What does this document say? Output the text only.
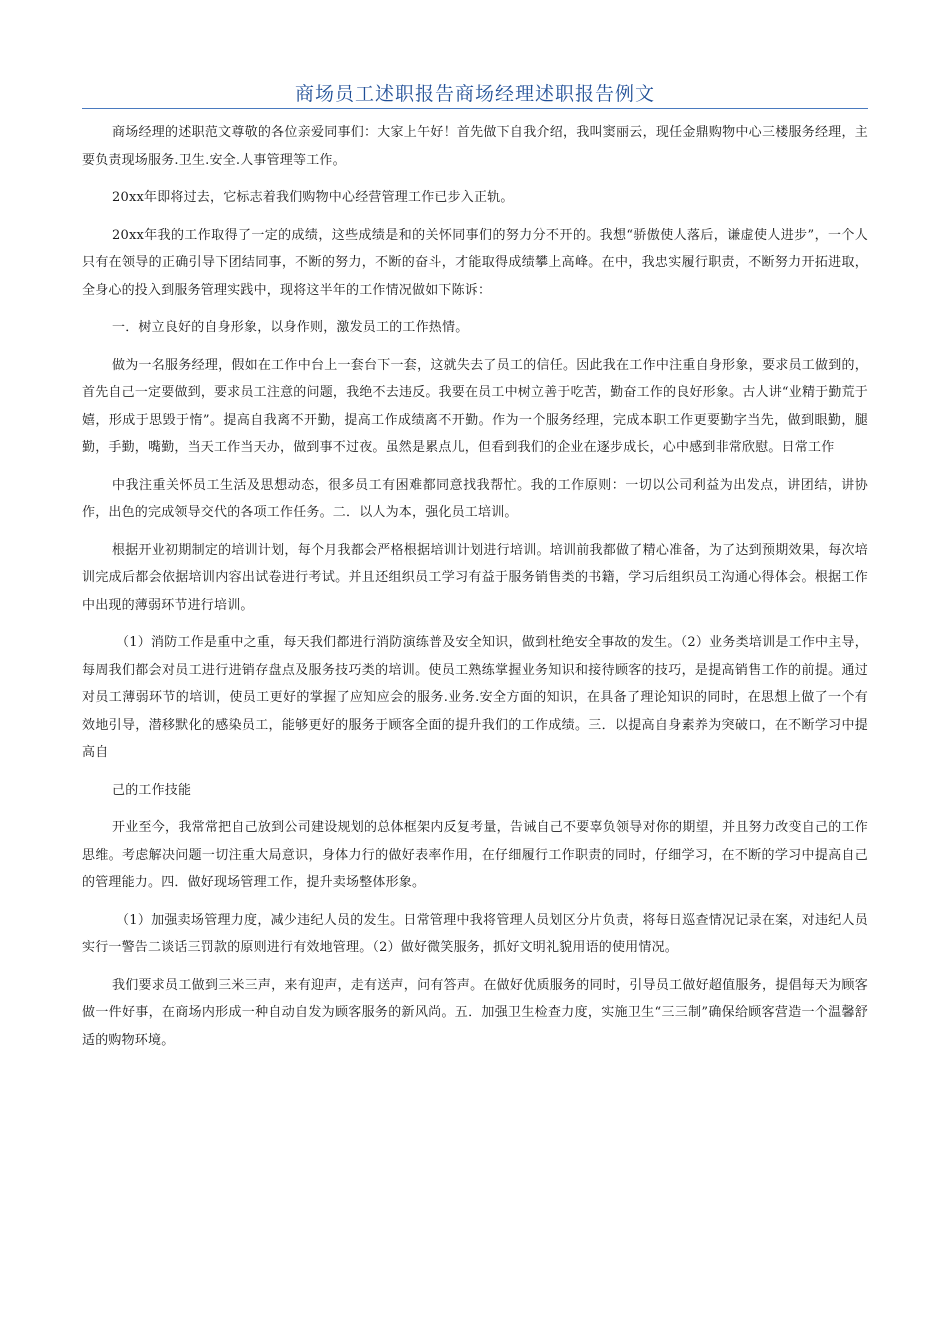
商场员工述职报告商场经理述职报告例文

商场经理的述职范文尊敬的各位亲爱同事们：大家上午好！首先做下自我介绍，我叫窦丽云，现任金鼎购物中心三楼服务经理，主要负责现场服务.卫生.安全.人事管理等工作。

20xx年即将过去，它标志着我们购物中心经营管理工作已步入正轨。

20xx年我的工作取得了一定的成绩，这些成绩是和的关怀同事们的努力分不开的。我想“骄傲使人落后，谦虚使人进步”，一个人只有在领导的正确引导下团结同事，不断的努力，不断的奋斗，才能取得成绩攀上高峰。在中，我忠实履行职责，不断努力开拓进取，全身心的投入到服务管理实践中，现将这半年的工作情况做如下陈诉：

一．树立良好的自身形象，以身作则，激发员工的工作热情。

做为一名服务经理，假如在工作中台上一套台下一套，这就失去了员工的信任。因此我在工作中注重自身形象，要求员工做到的，首先自己一定要做到，要求员工注意的问题，我绝不去违反。我要在员工中树立善于吃苦，勤奋工作的良好形象。古人讲“业精于勤荒于嬉，形成于思毁于惰”。提高自我离不开勤，提高工作成绩离不开勤。作为一个服务经理，完成本职工作更要勤字当先，做到眼勤，腿勤，手勤，嘴勤，当天工作当天办，做到事不过夜。虽然是累点儿，但看到我们的企业在逐步成长，心中感到非常欣慰。日常工作

中我注重关怀员工生活及思想动态，很多员工有困难都同意找我帮忙。我的工作原则：一切以公司利益为出发点，讲团结，讲协作，出色的完成领导交代的各项工作任务。二．以人为本，强化员工培训。

根据开业初期制定的培训计划，每个月我都会严格根据培训计划进行培训。培训前我都做了精心准备，为了达到预期效果，每次培训完成后都会依据培训内容出试卷进行考试。并且还组织员工学习有益于服务销售类的书籍，学习后组织员工沟通心得体会。根据工作中出现的薄弱环节进行培训。

（1）消防工作是重中之重，每天我们都进行消防演练普及安全知识，做到杜绝安全事故的发生。（2）业务类培训是工作中主导，每周我们都会对员工进行进销存盘点及服务技巧类的培训。使员工熟练掌握业务知识和接待顾客的技巧，是提高销售工作的前提。通过对员工薄弱环节的培训，使员工更好的掌握了应知应会的服务.业务.安全方面的知识，在具备了理论知识的同时，在思想上做了一个有效地引导，潜移默化的感染员工，能够更好的服务于顾客全面的提升我们的工作成绩。三．以提高自身素养为突破口，在不断学习中提高自

己的工作技能

开业至今，我常常把自己放到公司建设规划的总体框架内反复考量，告诫自己不要辜负领导对你的期望，并且努力改变自己的工作思维。考虑解决问题一切注重大局意识，身体力行的做好表率作用，在仔细履行工作职责的同时，仔细学习，在不断的学习中提高自己的管理能力。四．做好现场管理工作，提升卖场整体形象。

（1）加强卖场管理力度，减少违纪人员的发生。日常管理中我将管理人员划区分片负责，将每日巡查情况记录在案，对违纪人员实行一警告二谈话三罚款的原则进行有效地管理。（2）做好微笑服务，抓好文明礼貌用语的使用情况。

我们要求员工做到三米三声，来有迎声，走有送声，问有答声。在做好优质服务的同时，引导员工做好超值服务，提倡每天为顾客做一件好事，在商场内形成一种自动自发为顾客服务的新风尚。五．加强卫生检查力度，实施卫生“三三制”确保给顾客营造一个温馨舒适的购物环境。
